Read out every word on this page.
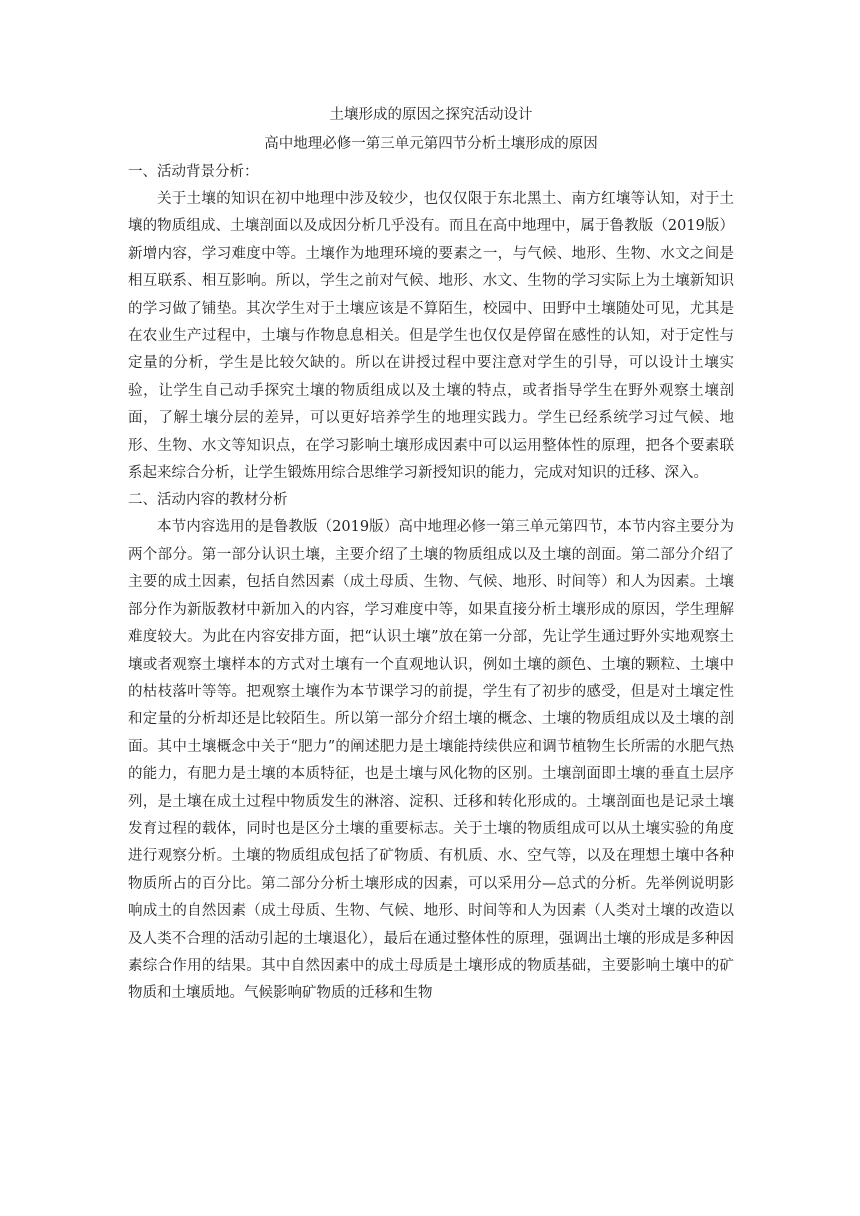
土壤形成的原因之探究活动设计

高中地理必修一第三单元第四节分析土壤形成的原因

一、活动背景分析：

关于土壤的知识在初中地理中涉及较少，也仅仅限于东北黑土、南方红壤等认知，对于土壤的物质组成、土壤剖面以及成因分析几乎没有。而且在高中地理中，属于鲁教版（2019版）新增内容，学习难度中等。土壤作为地理环境的要素之一，与气候、地形、生物、水文之间是相互联系、相互影响。所以，学生之前对气候、地形、水文、生物的学习实际上为土壤新知识的学习做了铺垫。其次学生对于土壤应该是不算陌生，校园中、田野中土壤随处可见，尤其是在农业生产过程中，土壤与作物息息相关。但是学生也仅仅是停留在感性的认知，对于定性与定量的分析，学生是比较欠缺的。所以在讲授过程中要注意对学生的引导，可以设计土壤实验，让学生自己动手探究土壤的物质组成以及土壤的特点，或者指导学生在野外观察土壤剖面，了解土壤分层的差异，可以更好培养学生的地理实践力。学生已经系统学习过气候、地形、生物、水文等知识点，在学习影响土壤形成因素中可以运用整体性的原理，把各个要素联系起来综合分析，让学生锻炼用综合思维学习新授知识的能力，完成对知识的迁移、深入。

二、活动内容的教材分析

本节内容选用的是鲁教版（2019版）高中地理必修一第三单元第四节，本节内容主要分为两个部分。第一部分认识土壤，主要介绍了土壤的物质组成以及土壤的剖面。第二部分介绍了主要的成土因素，包括自然因素（成土母质、生物、气候、地形、时间等）和人为因素。土壤部分作为新版教材中新加入的内容，学习难度中等，如果直接分析土壤形成的原因，学生理解难度较大。为此在内容安排方面，把“认识土壤”放在第一分部，先让学生通过野外实地观察土壤或者观察土壤样本的方式对土壤有一个直观地认识，例如土壤的颜色、土壤的颗粒、土壤中的枯枝落叶等等。把观察土壤作为本节课学习的前提，学生有了初步的感受，但是对土壤定性和定量的分析却还是比较陌生。所以第一部分介绍土壤的概念、土壤的物质组成以及土壤的剖面。其中土壤概念中关于“肥力”的阐述肥力是土壤能持续供应和调节植物生长所需的水肥气热的能力，有肥力是土壤的本质特征，也是土壤与风化物的区别。土壤剖面即土壤的垂直土层序列，是土壤在成土过程中物质发生的淋溶、淀积、迁移和转化形成的。土壤剖面也是记录土壤发育过程的载体，同时也是区分土壤的重要标志。关于土壤的物质组成可以从土壤实验的角度进行观察分析。土壤的物质组成包括了矿物质、有机质、水、空气等，以及在理想土壤中各种物质所占的百分比。第二部分分析土壤形成的因素，可以采用分—总式的分析。先举例说明影响成土的自然因素（成土母质、生物、气候、地形、时间等和人为因素（人类对土壤的改造以及人类不合理的活动引起的土壤退化），最后在通过整体性的原理，强调出土壤的形成是多种因素综合作用的结果。其中自然因素中的成土母质是土壤形成的物质基础，主要影响土壤中的矿物质和土壤质地。气候影响矿物质的迁移和生物
